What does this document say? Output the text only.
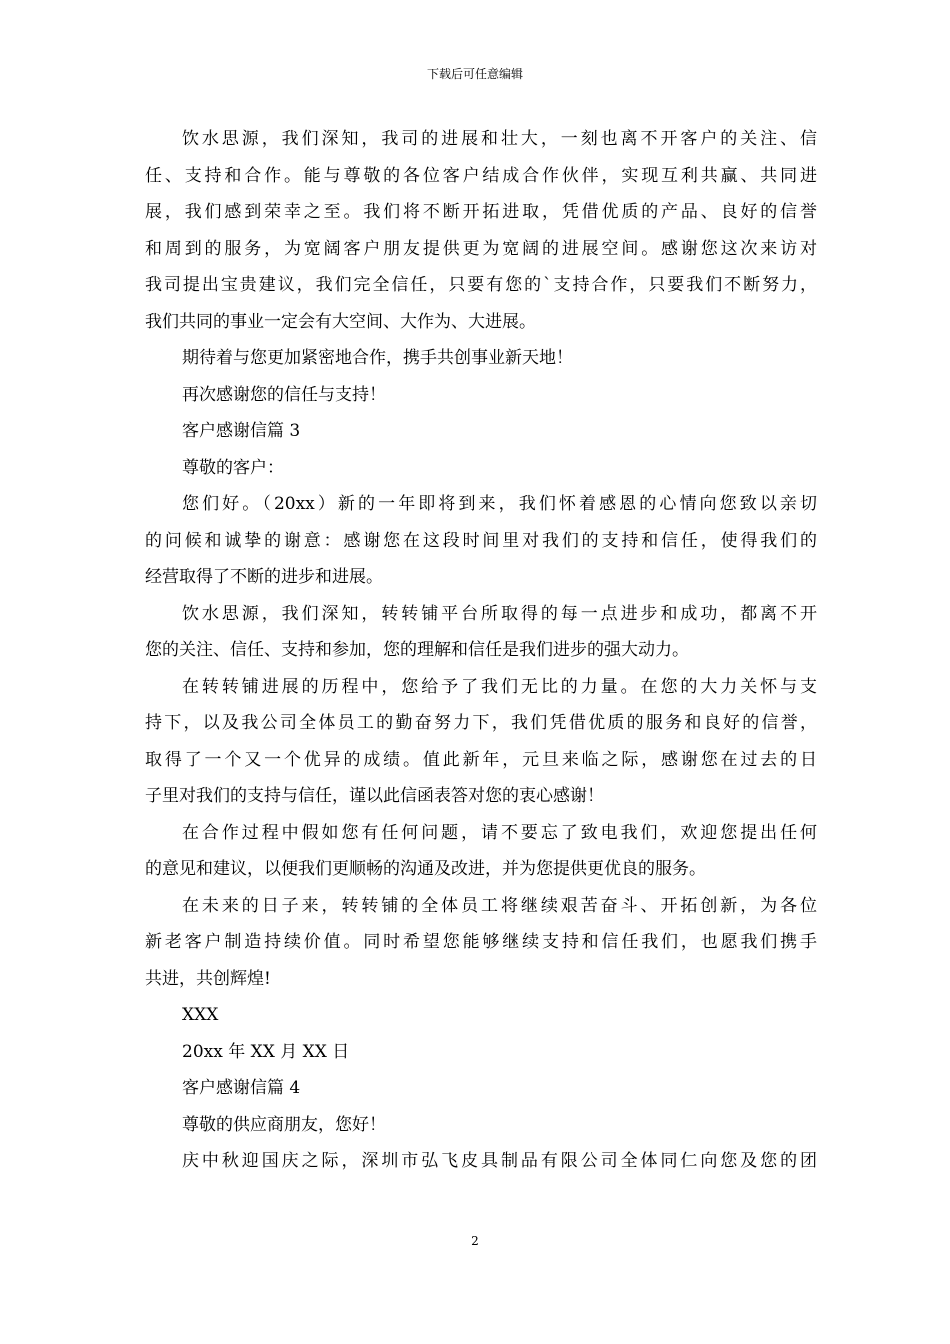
下载后可任意编辑
饮水思源，我们深知，我司的进展和壮大，一刻也离不开客户的关注、信
任、支持和合作。能与尊敬的各位客户结成合作伙伴，实现互利共赢、共同进
展，我们感到荣幸之至。我们将不断开拓进取，凭借优质的产品、良好的信誉
和周到的服务，为宽阔客户朋友提供更为宽阔的进展空间。感谢您这次来访对
我司提出宝贵建议，我们完全信任，只要有您的`支持合作，只要我们不断努力，
我们共同的事业一定会有大空间、大作为、大进展。
期待着与您更加紧密地合作，携手共创事业新天地！
再次感谢您的信任与支持！
客户感谢信篇 3
尊敬的客户：
您们好。（20xx）新的一年即将到来，我们怀着感恩的心情向您致以亲切
的问候和诚挚的谢意：感谢您在这段时间里对我们的支持和信任，使得我们的
经营取得了不断的进步和进展。
饮水思源，我们深知，转转铺平台所取得的每一点进步和成功，都离不开
您的关注、信任、支持和参加，您的理解和信任是我们进步的强大动力。
在转转铺进展的历程中，您给予了我们无比的力量。在您的大力关怀与支
持下，以及我公司全体员工的勤奋努力下，我们凭借优质的服务和良好的信誉，
取得了一个又一个优异的成绩。值此新年，元旦来临之际，感谢您在过去的日
子里对我们的支持与信任，谨以此信函表答对您的衷心感谢！
在合作过程中假如您有任何问题，请不要忘了致电我们，欢迎您提出任何
的意见和建议，以便我们更顺畅的沟通及改进，并为您提供更优良的服务。
在未来的日子来，转转铺的全体员工将继续艰苦奋斗、开拓创新，为各位
新老客户制造持续价值。同时希望您能够继续支持和信任我们，也愿我们携手
共进，共创辉煌!
XXX
20xx 年 XX 月 XX 日
客户感谢信篇 4
尊敬的供应商朋友，您好！
庆中秋迎国庆之际，深圳市弘飞皮具制品有限公司全体同仁向您及您的团
2
